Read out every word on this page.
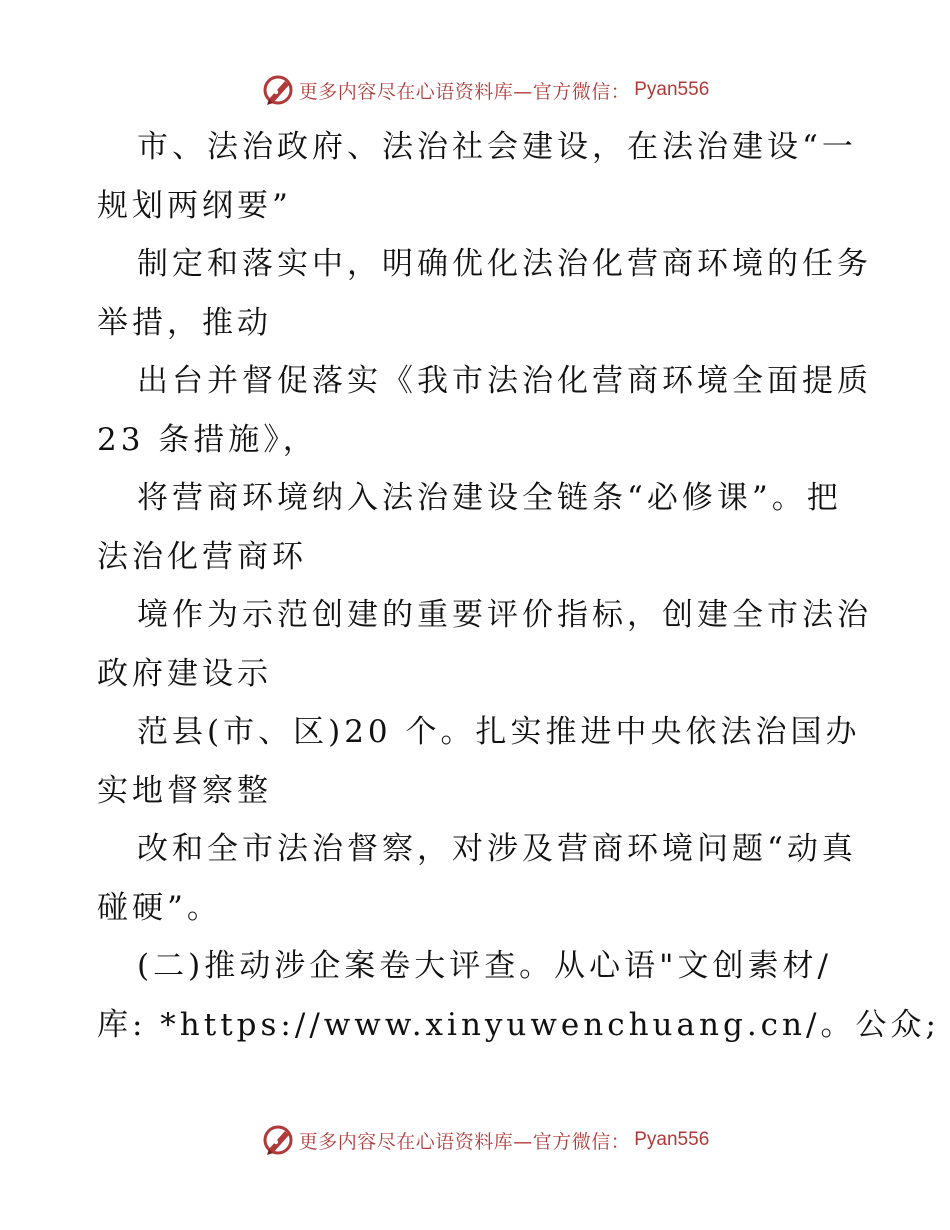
更多内容尽在心语资料库—官方微信： Pyan556
市、法治政府、法治社会建设，在法治建设“一
规划两纲要”
制定和落实中，明确优化法治化营商环境的任务
举措，推动
出台并督促落实《我市法治化营商环境全面提质
23 条措施》，
将营商环境纳入法治建设全链条“必修课”。把
法治化营商环
境作为示范创建的重要评价指标，创建全市法治
政府建设示
范县(市、区)20 个。扎实推进中央依法治国办
实地督察整
改和全市法治督察，对涉及营商环境问题“动真
碰硬”。
(二)推动涉企案卷大评查。从心语"文创素材/
库: *https://www.xinyuwenchuang.cn/。公众;
更多内容尽在心语资料库—官方微信： Pyan556
